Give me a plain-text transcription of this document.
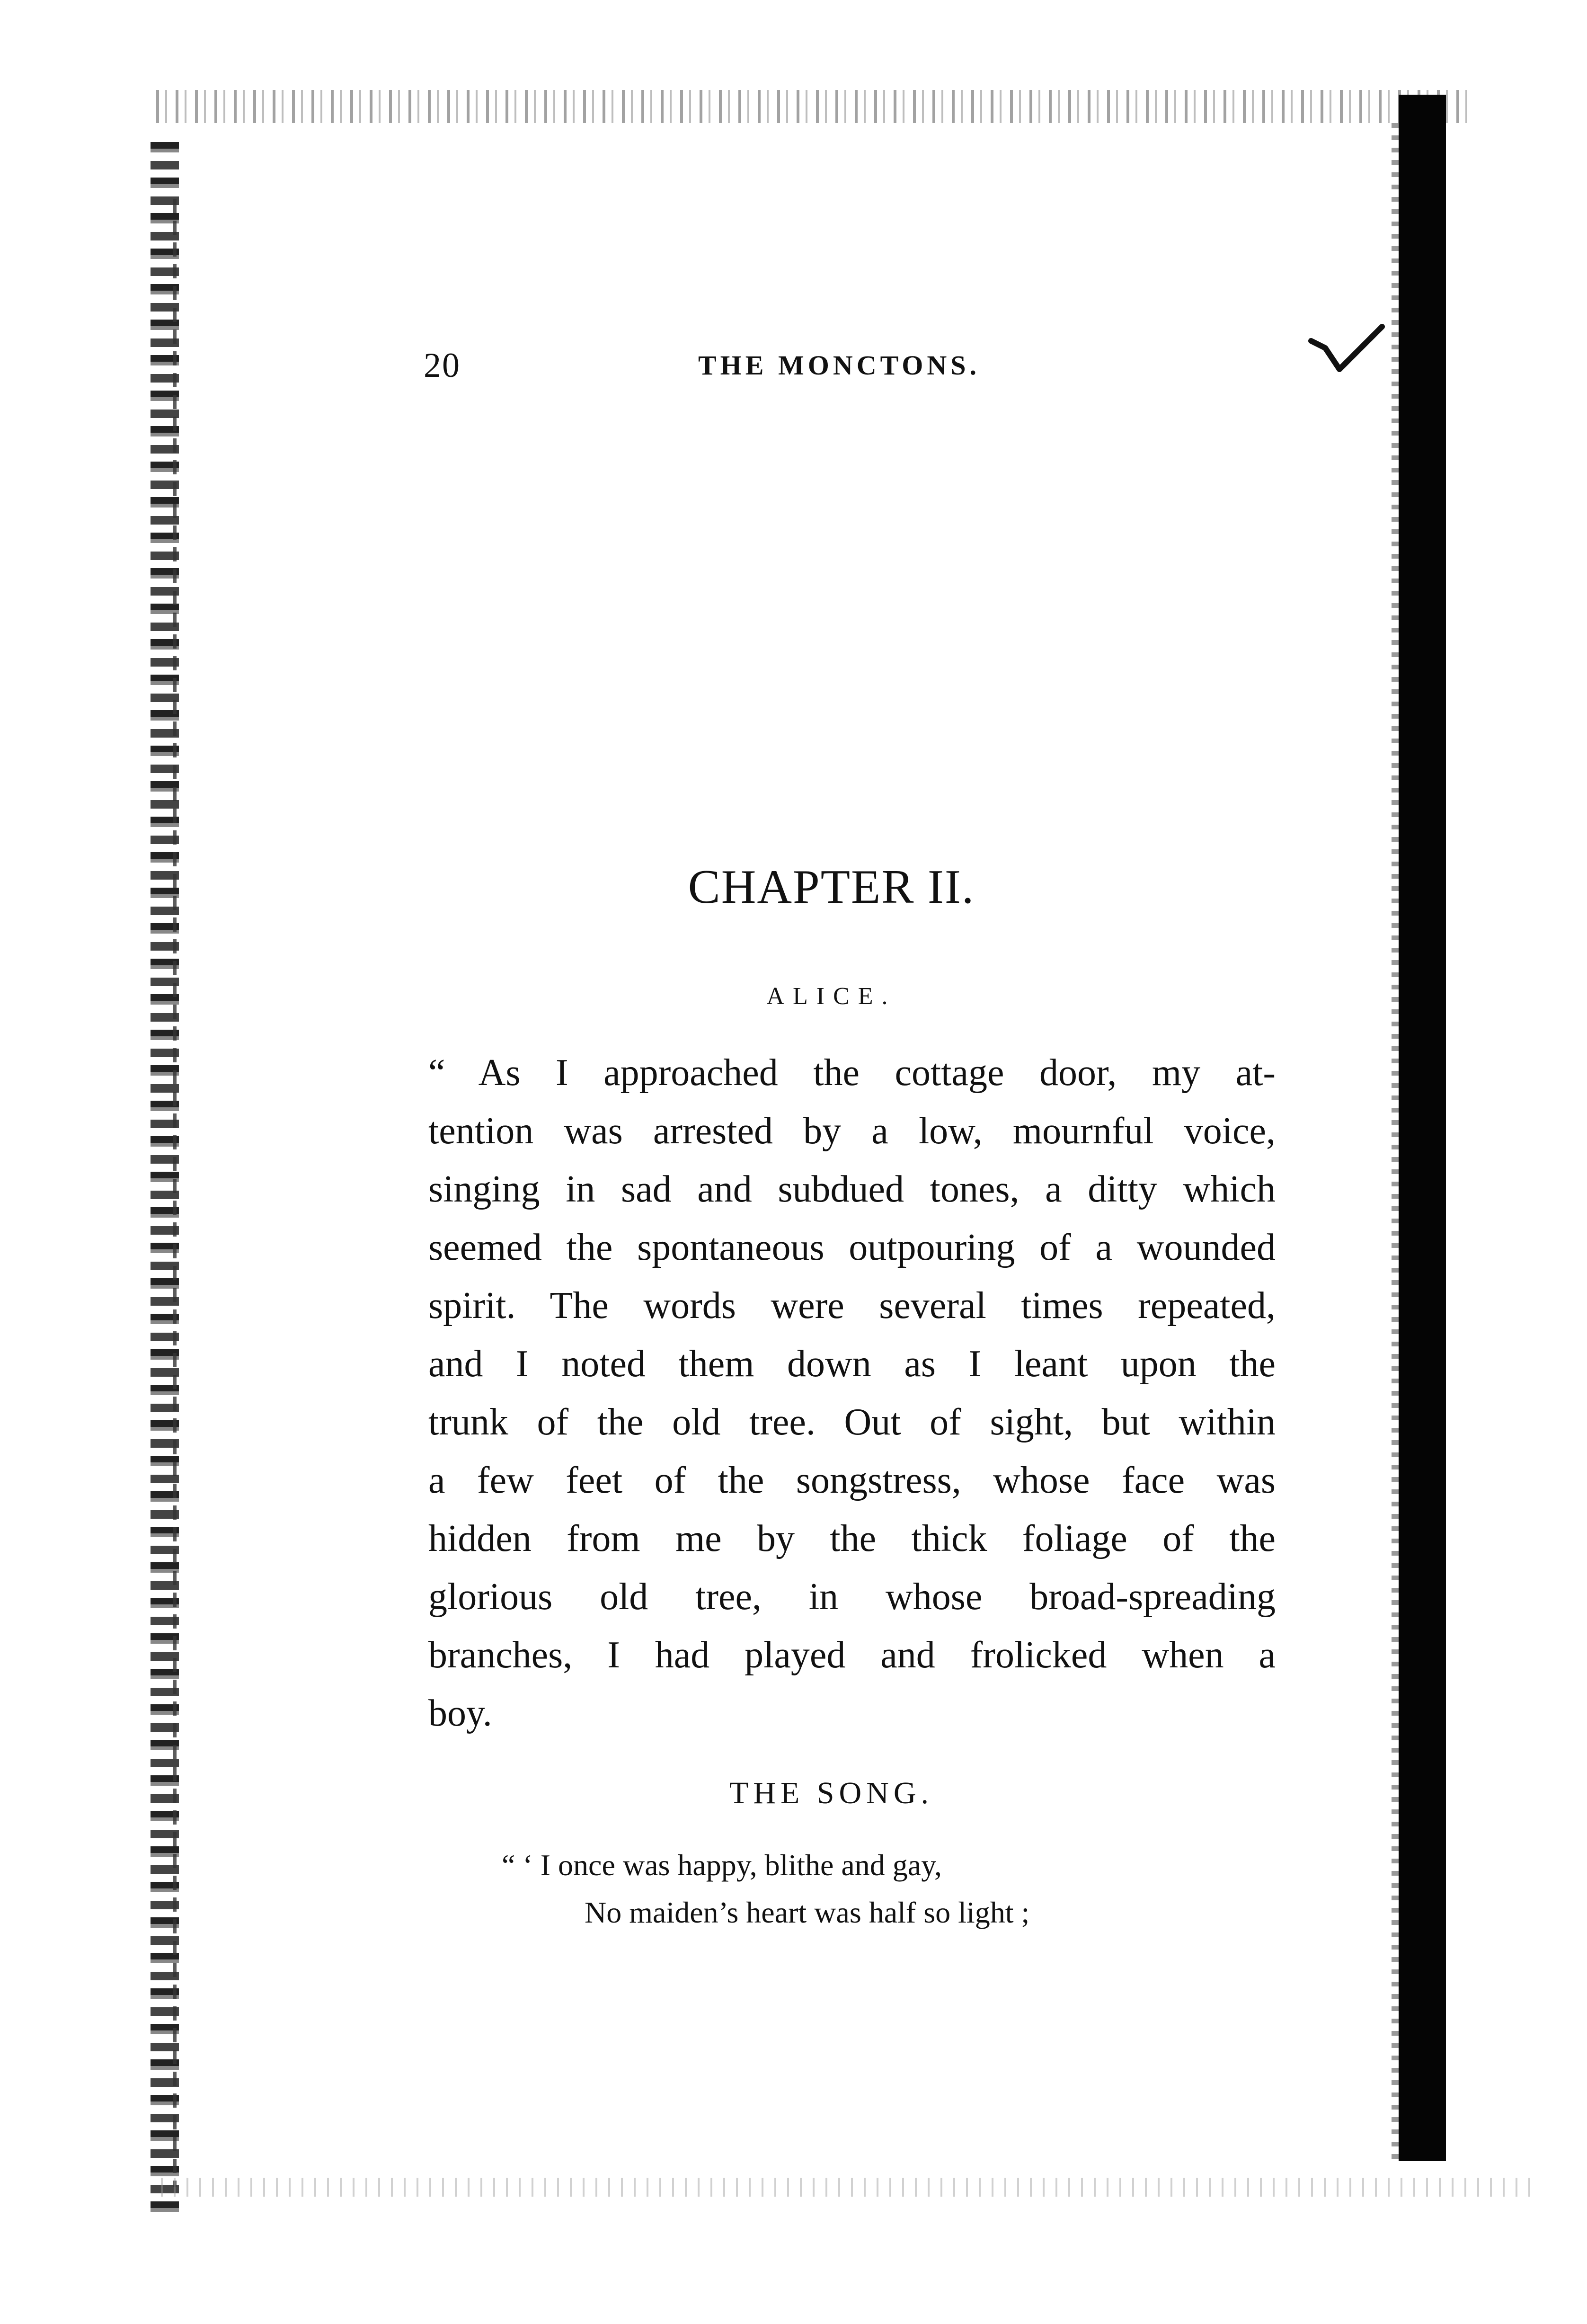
20	THE MONCTONS.
CHAPTER II.
ALICE.
“ As I approached the cottage door, my at-
tention was arrested by a low, mournful voice,
singing in sad and subdued tones, a ditty which
seemed the spontaneous outpouring of a wounded
spirit. The words were several times repeated,
and I noted them down as I leant upon the
trunk of the old tree. Out of sight, but within
a few feet of the songstress, whose face was
hidden from me by the thick foliage of the
glorious old tree, in whose broad-spreading
branches, I had played and frolicked when a
boy.
THE SONG.
“ ‘ I once was happy, blithe and gay,
No maiden’s heart was half so light ;
